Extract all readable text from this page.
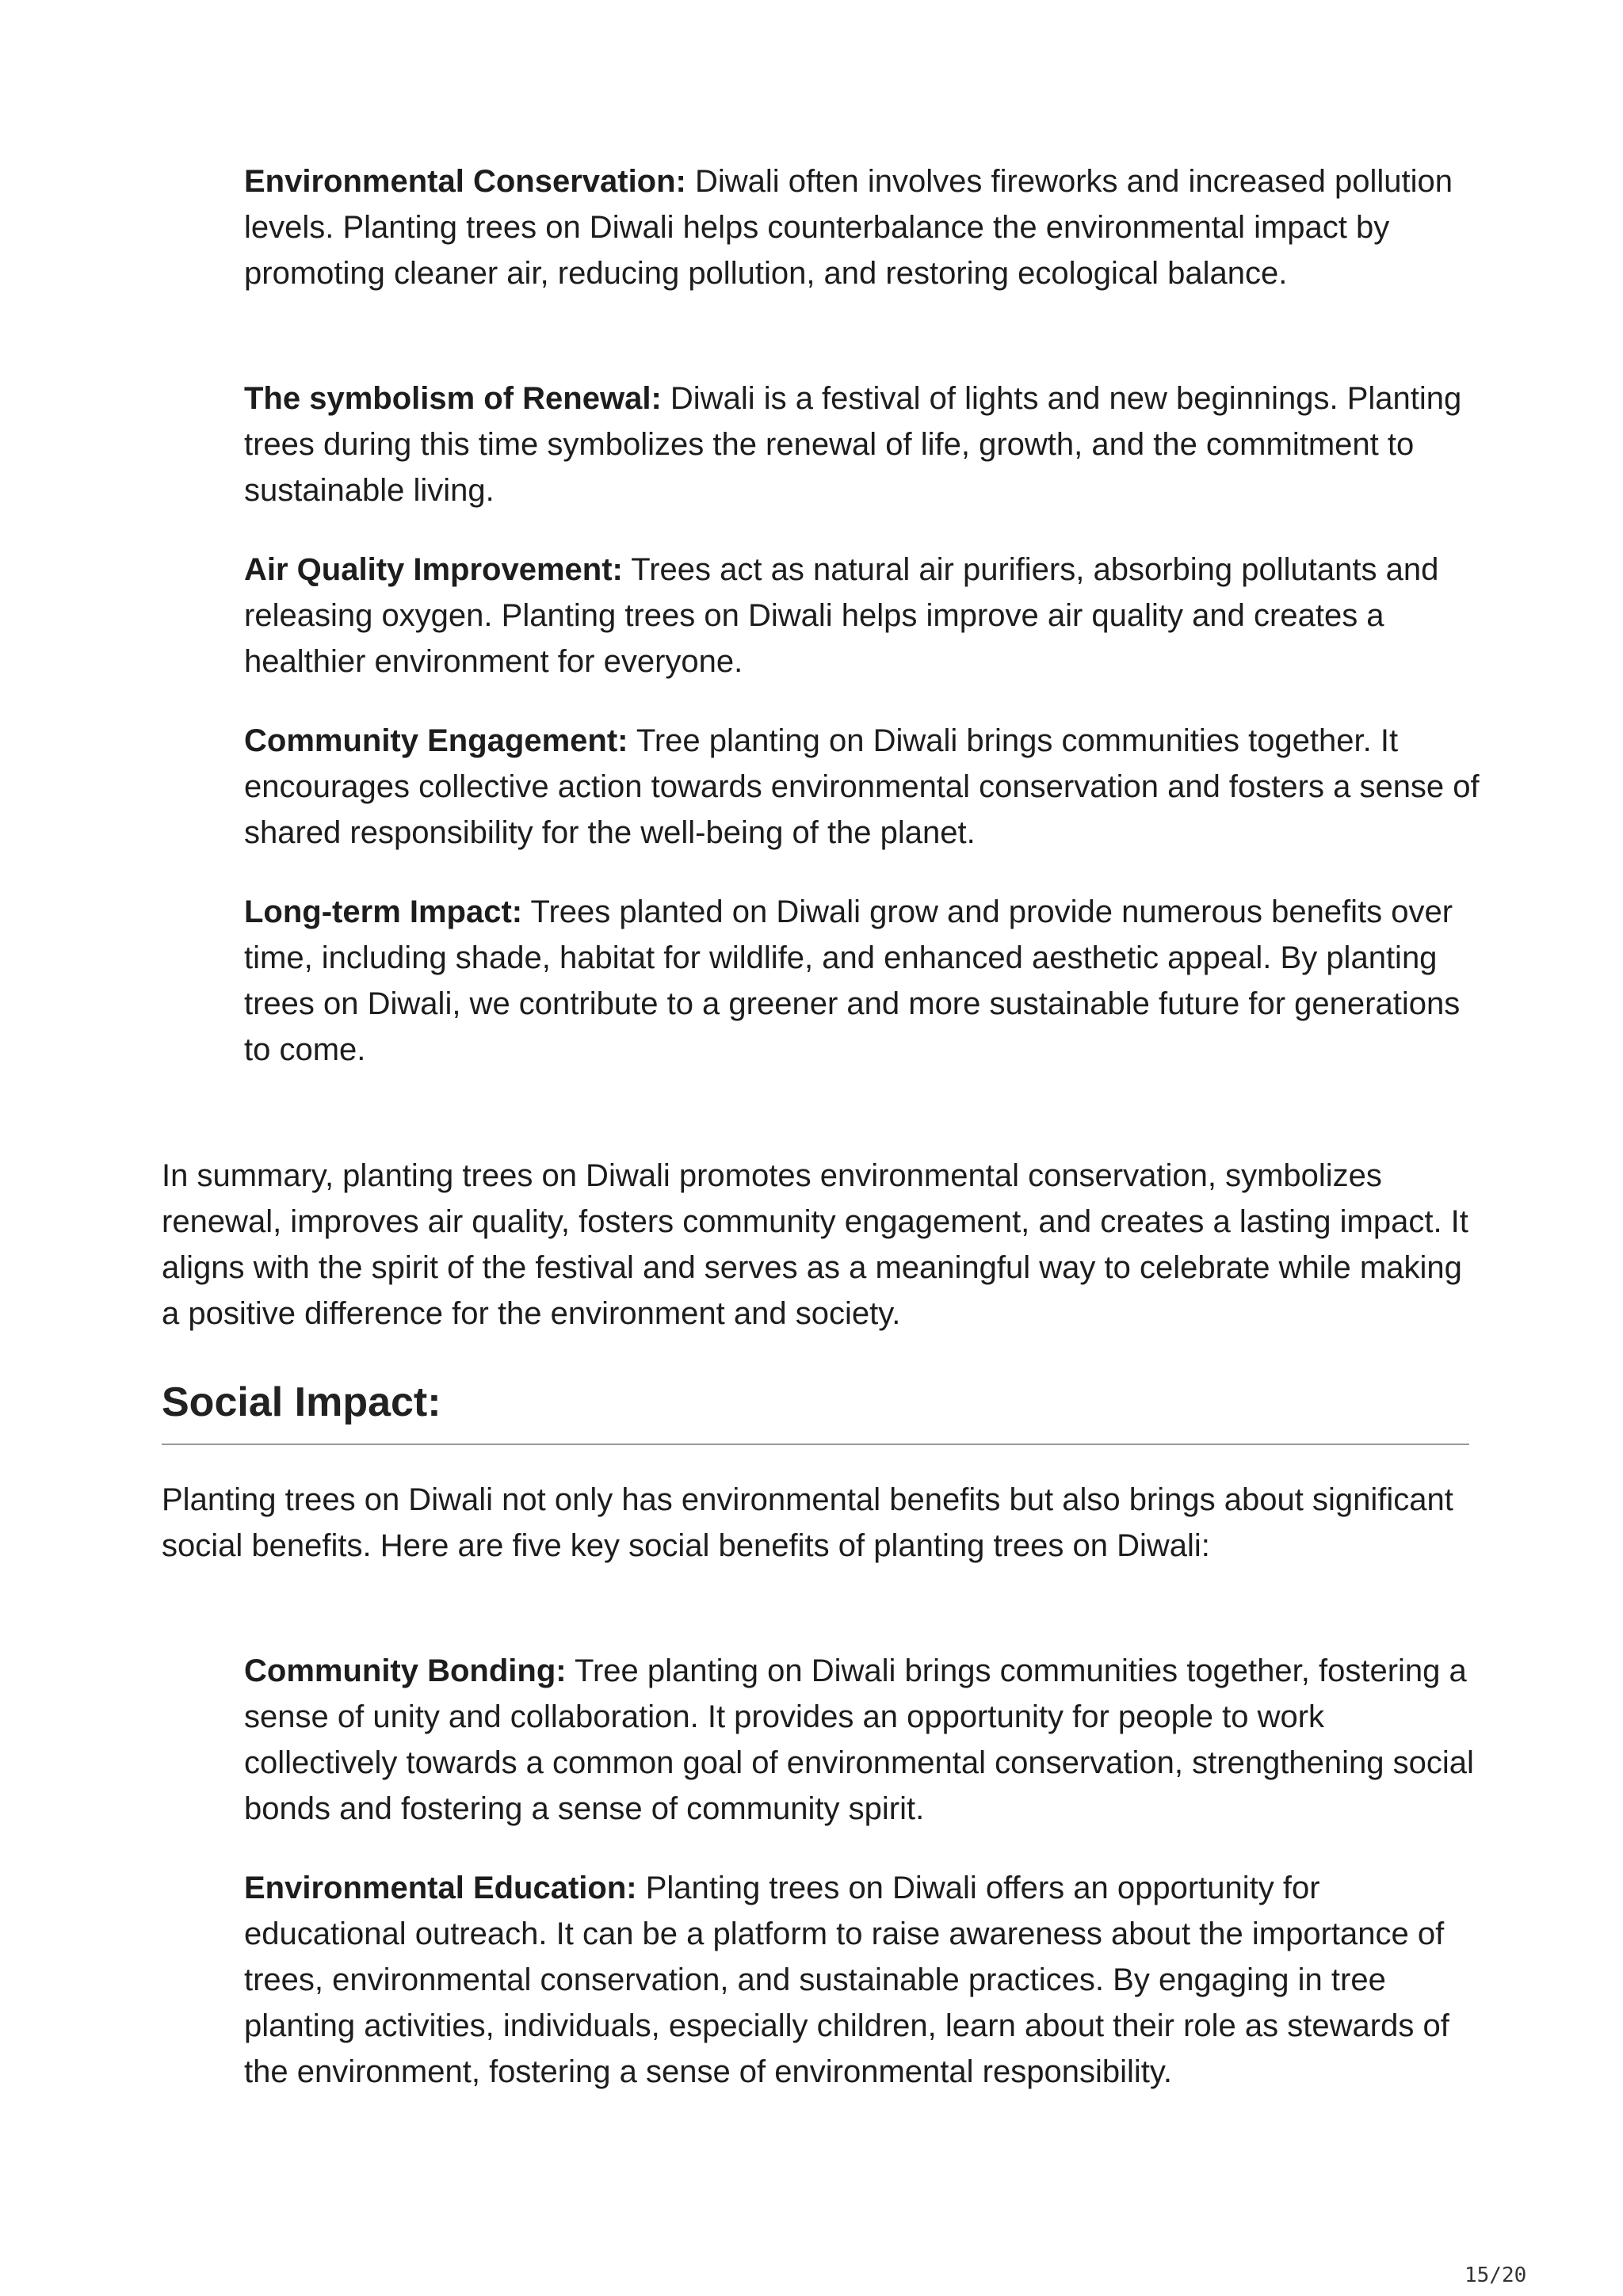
Environmental Conservation: Diwali often involves fireworks and increased pollution levels. Planting trees on Diwali helps counterbalance the environmental impact by promoting cleaner air, reducing pollution, and restoring ecological balance.

The symbolism of Renewal: Diwali is a festival of lights and new beginnings. Planting trees during this time symbolizes the renewal of life, growth, and the commitment to sustainable living.

Air Quality Improvement: Trees act as natural air purifiers, absorbing pollutants and releasing oxygen. Planting trees on Diwali helps improve air quality and creates a healthier environment for everyone.

Community Engagement: Tree planting on Diwali brings communities together. It encourages collective action towards environmental conservation and fosters a sense of shared responsibility for the well-being of the planet.

Long-term Impact: Trees planted on Diwali grow and provide numerous benefits over time, including shade, habitat for wildlife, and enhanced aesthetic appeal. By planting trees on Diwali, we contribute to a greener and more sustainable future for generations to come.

In summary, planting trees on Diwali promotes environmental conservation, symbolizes renewal, improves air quality, fosters community engagement, and creates a lasting impact. It aligns with the spirit of the festival and serves as a meaningful way to celebrate while making a positive difference for the environment and society.

Social Impact:

Planting trees on Diwali not only has environmental benefits but also brings about significant social benefits. Here are five key social benefits of planting trees on Diwali:

Community Bonding: Tree planting on Diwali brings communities together, fostering a sense of unity and collaboration. It provides an opportunity for people to work collectively towards a common goal of environmental conservation, strengthening social bonds and fostering a sense of community spirit.

Environmental Education: Planting trees on Diwali offers an opportunity for educational outreach. It can be a platform to raise awareness about the importance of trees, environmental conservation, and sustainable practices. By engaging in tree planting activities, individuals, especially children, learn about their role as stewards of the environment, fostering a sense of environmental responsibility.

15/20
